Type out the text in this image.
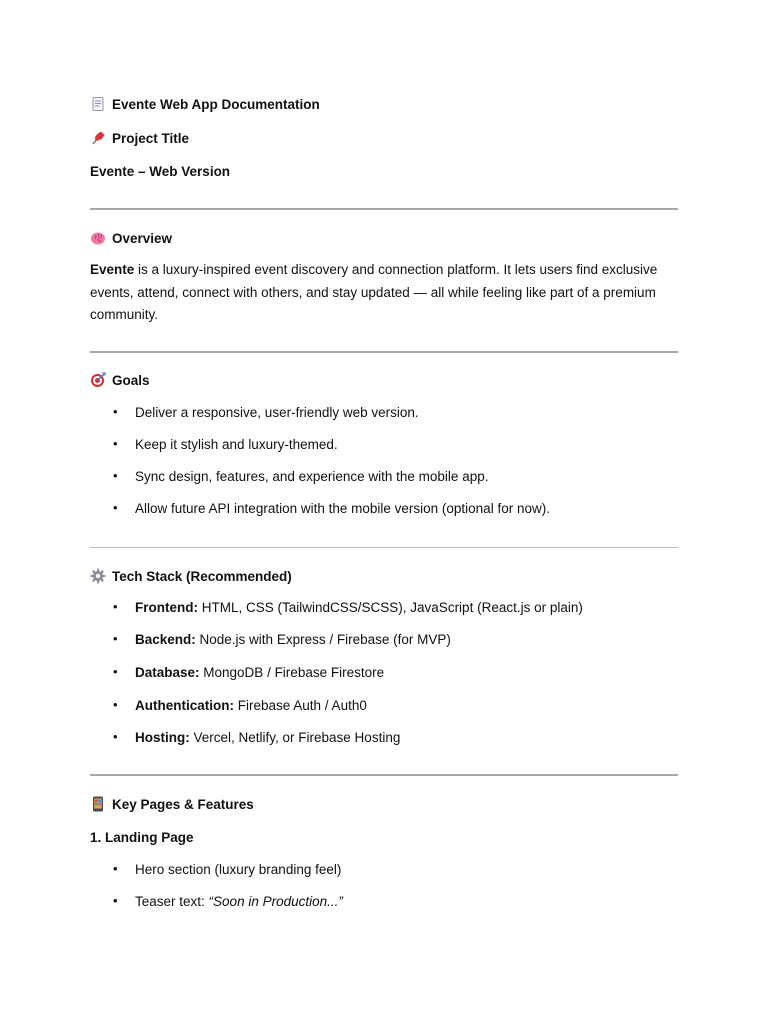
Evente Web App Documentation
Project Title
Evente – Web Version
Overview
Evente is a luxury-inspired event discovery and connection platform. It lets users find exclusive events, attend, connect with others, and stay updated — all while feeling like part of a premium community.
Goals
• Deliver a responsive, user-friendly web version.
• Keep it stylish and luxury-themed.
• Sync design, features, and experience with the mobile app.
• Allow future API integration with the mobile version (optional for now).
Tech Stack (Recommended)
• Frontend: HTML, CSS (TailwindCSS/SCSS), JavaScript (React.js or plain)
• Backend: Node.js with Express / Firebase (for MVP)
• Database: MongoDB / Firebase Firestore
• Authentication: Firebase Auth / Auth0
• Hosting: Vercel, Netlify, or Firebase Hosting
Key Pages & Features
1. Landing Page
• Hero section (luxury branding feel)
• Teaser text: “Soon in Production...”
